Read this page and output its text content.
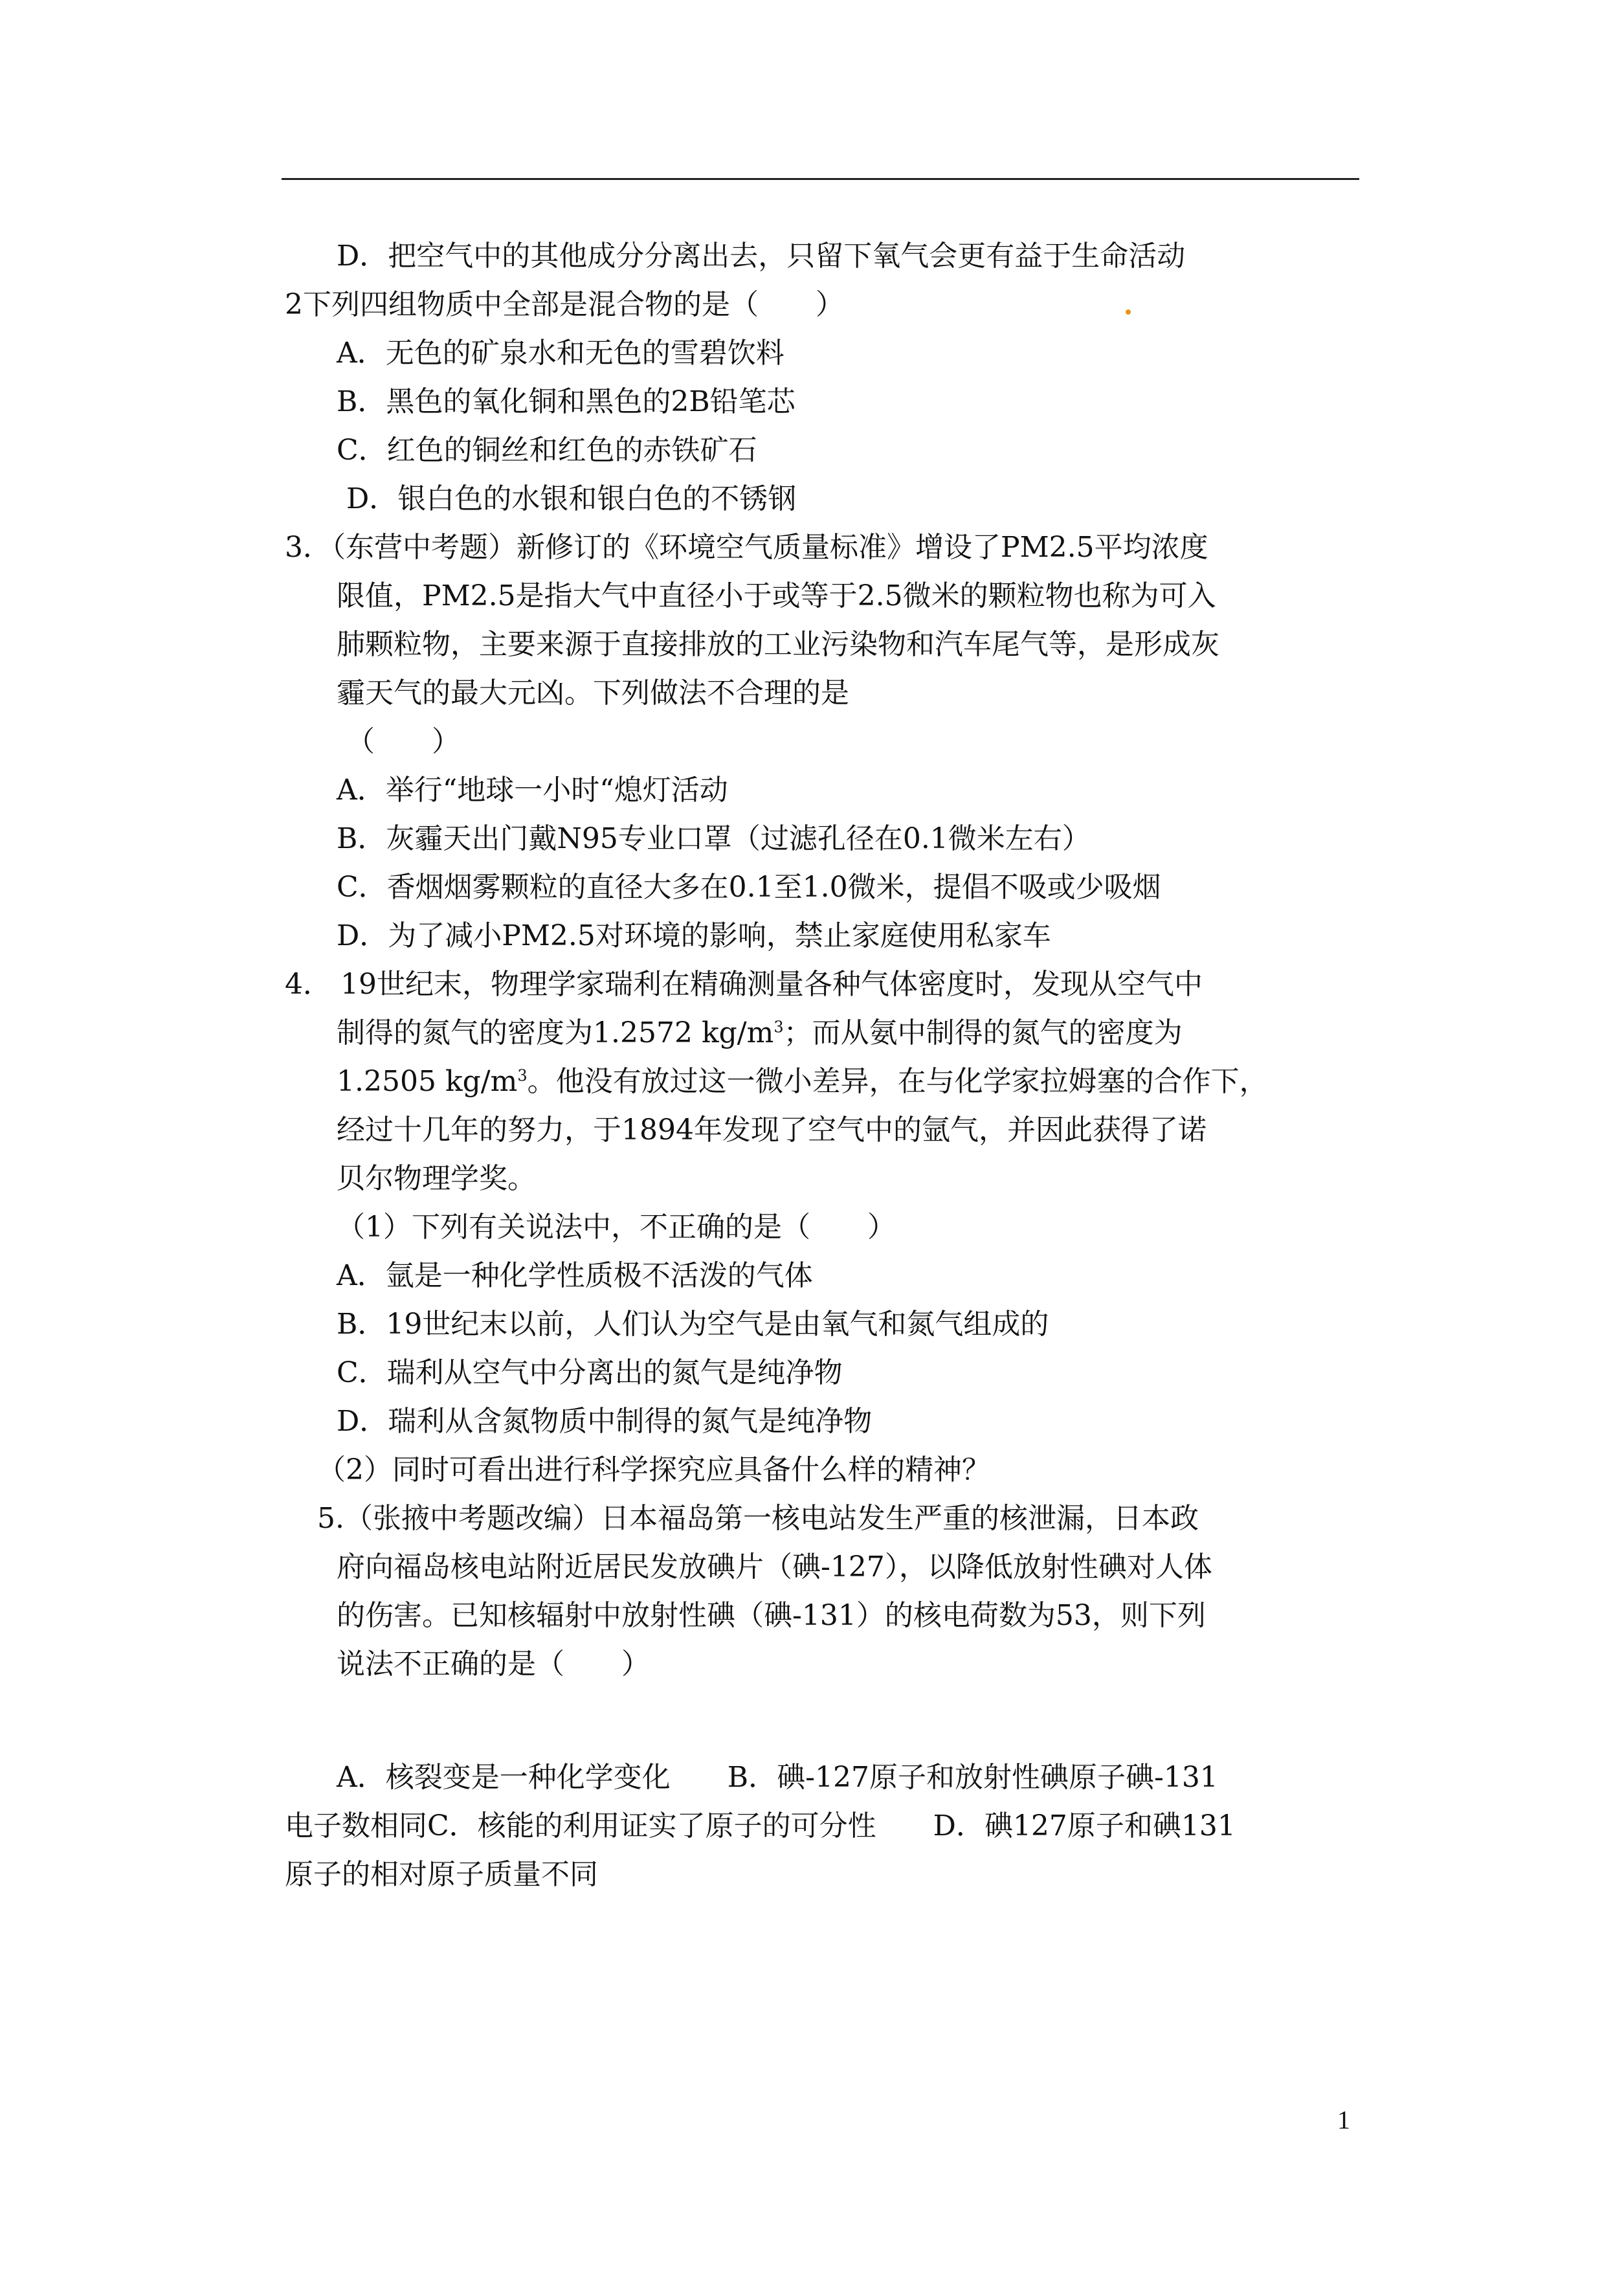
D．把空气中的其他成分分离出去，只留下氧气会更有益于生命活动
2下列四组物质中全部是混合物的是（　　）
A．无色的矿泉水和无色的雪碧饮料
B．黑色的氧化铜和黑色的2B铅笔芯
C．红色的铜丝和红色的赤铁矿石
D．银白色的水银和银白色的不锈钢
3．（东营中考题）新修订的《环境空气质量标准》增设了PM2.5平均浓度
限值，PM2.5是指大气中直径小于或等于2.5微米的颗粒物也称为可入
肺颗粒物，主要来源于直接排放的工业污染物和汽车尾气等，是形成灰
霾天气的最大元凶。下列做法不合理的是
（　　）
A．举行“地球一小时“熄灯活动
B．灰霾天出门戴N95专业口罩（过滤孔径在0.1微米左右）
C．香烟烟雾颗粒的直径大多在0.1至1.0微米，提倡不吸或少吸烟
D．为了减小PM2.5对环境的影响，禁止家庭使用私家车
4． 19世纪末，物理学家瑞利在精确测量各种气体密度时，发现从空气中
制得的氮气的密度为1.2572 $kg/m^3$；而从氨中制得的氮气的密度为
1.2505 $kg/m^3$。他没有放过这一微小差异，在与化学家拉姆塞的合作下，
经过十几年的努力，于1894年发现了空气中的氩气，并因此获得了诺
贝尔物理学奖。
（1）下列有关说法中，不正确的是（　　）
A．氩是一种化学性质极不活泼的气体
B．19世纪末以前，人们认为空气是由氧气和氮气组成的
C．瑞利从空气中分离出的氮气是纯净物
D．瑞利从含氮物质中制得的氮气是纯净物
（2）同时可看出进行科学探究应具备什么样的精神？
5.（张掖中考题改编）日本福岛第一核电站发生严重的核泄漏，日本政
府向福岛核电站附近居民发放碘片（碘-127），以降低放射性碘对人体
的伤害。已知核辐射中放射性碘（碘-131）的核电荷数为53，则下列
说法不正确的是（　　）
A．核裂变是一种化学变化　　B．碘-127原子和放射性碘原子碘-131
电子数相同C．核能的利用证实了原子的可分性　　D．碘127原子和碘131
原子的相对原子质量不同
1
